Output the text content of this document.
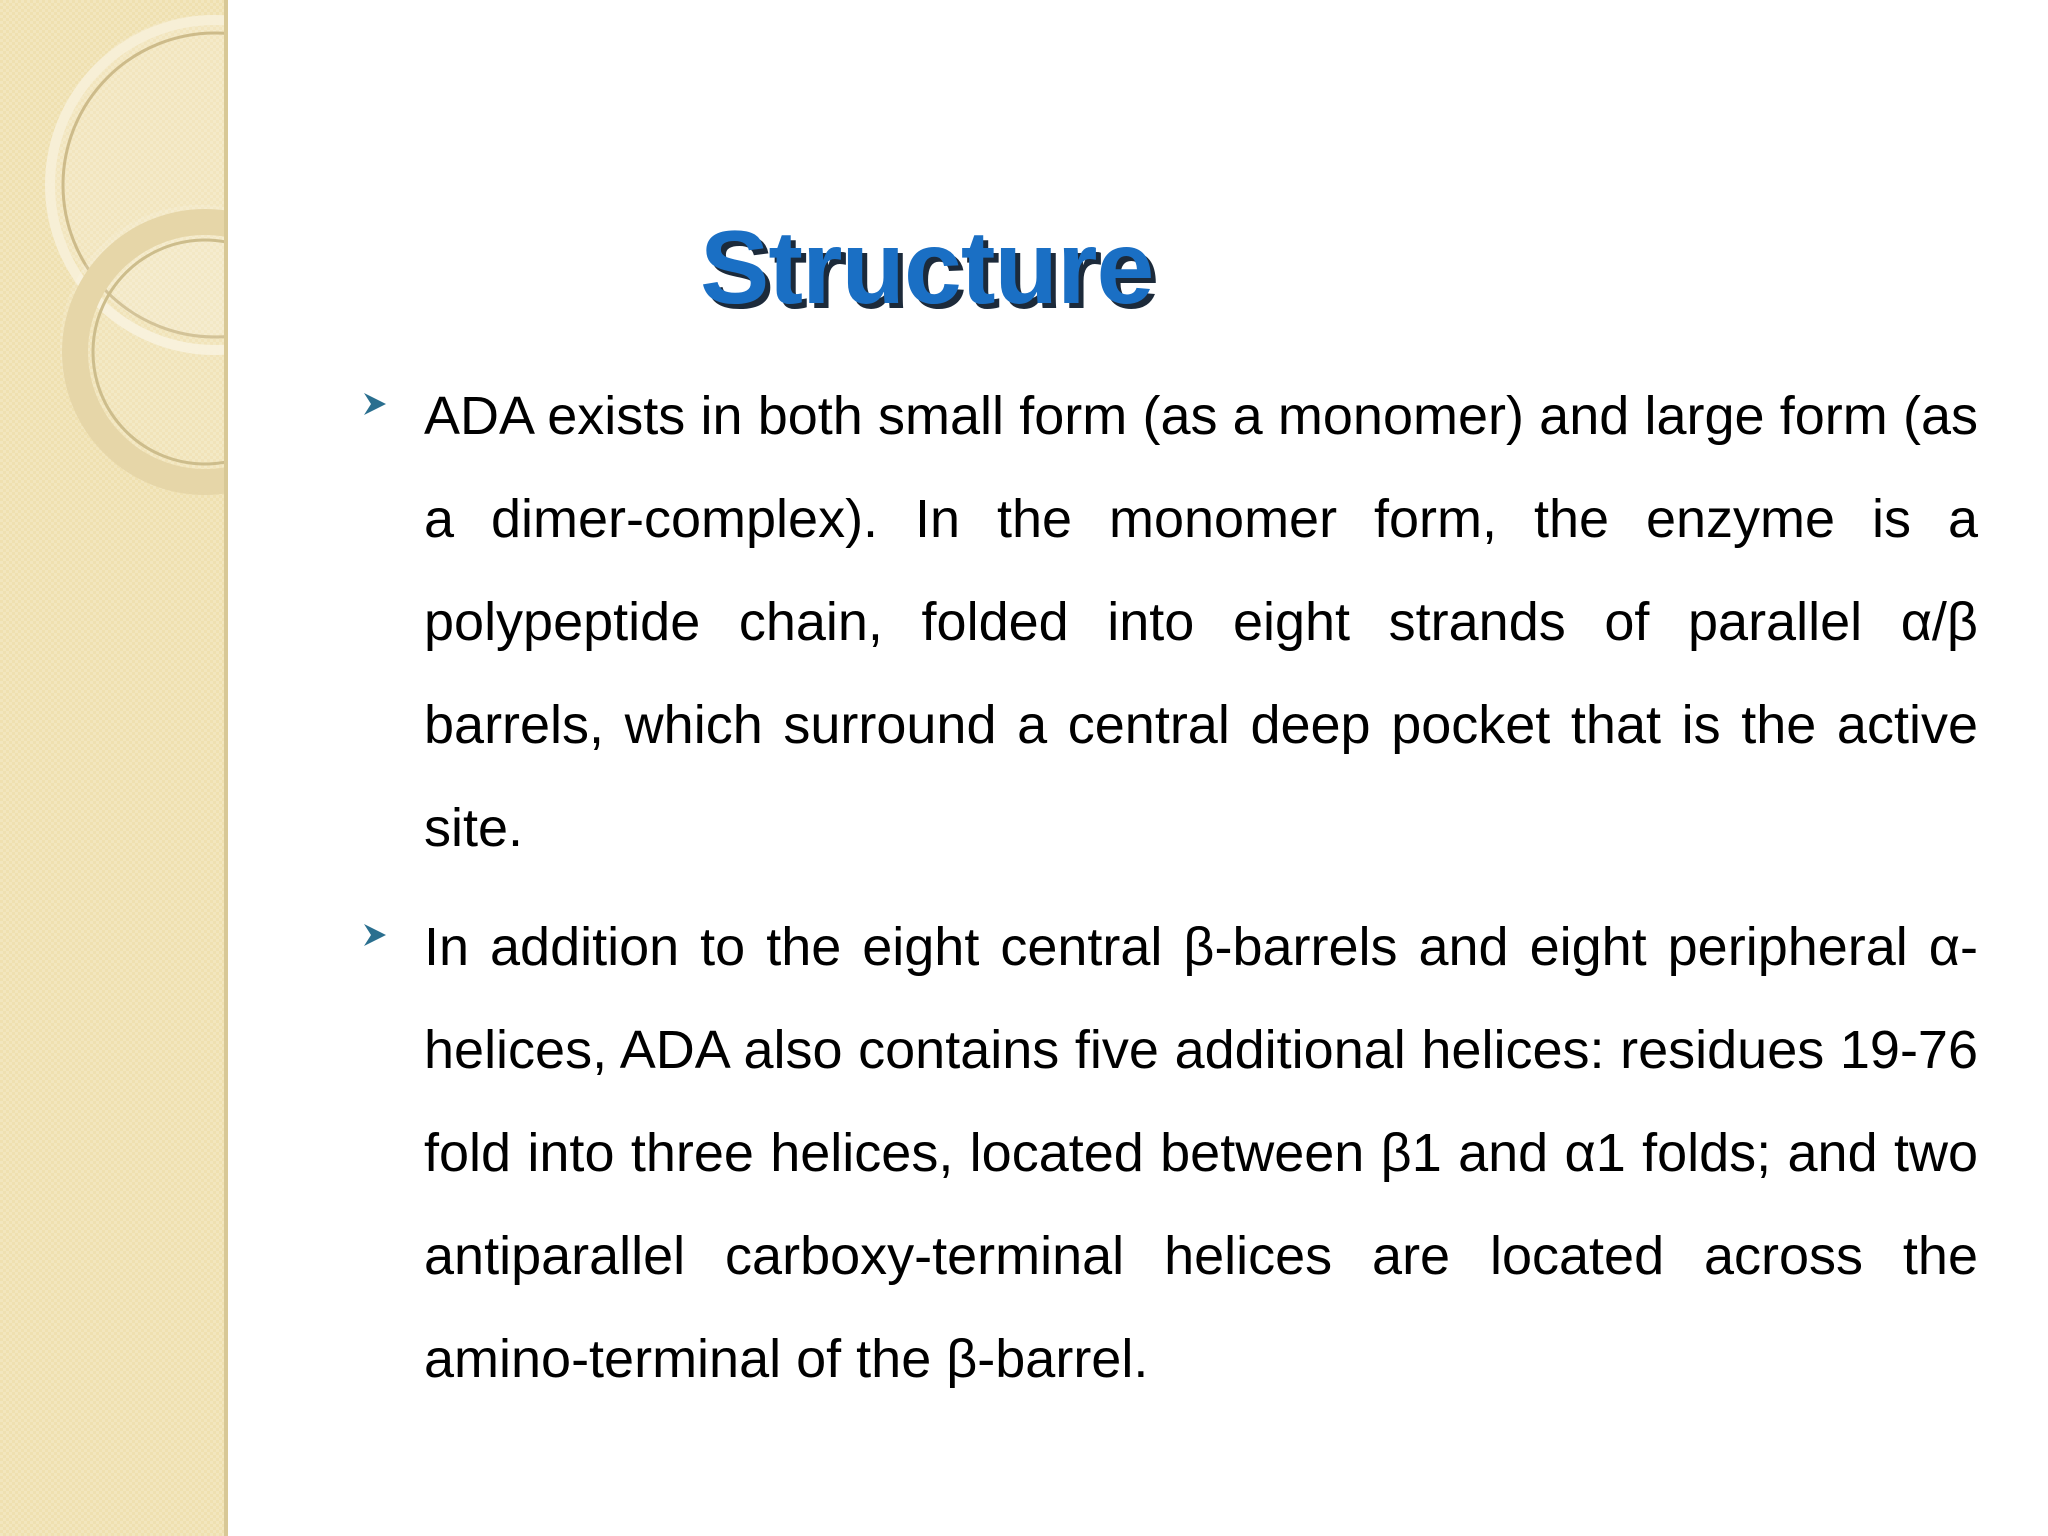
Structure

ADA exists in both small form (as a monomer) and large form (as a dimer-complex). In the monomer form, the enzyme is a polypeptide chain, folded into eight strands of parallel α/β barrels, which surround a central deep pocket that is the active site.

In addition to the eight central β-barrels and eight peripheral α-helices, ADA also contains five additional helices: residues 19-76 fold into three helices, located between β1 and α1 folds; and two antiparallel carboxy-terminal helices are located across the amino-terminal of the β-barrel.
